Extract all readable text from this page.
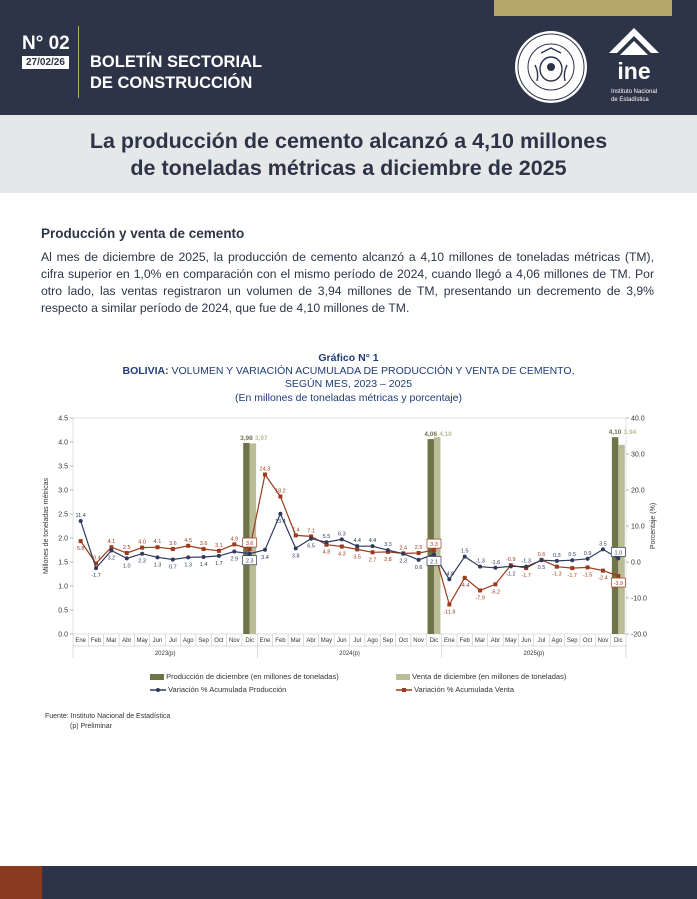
N° 02
27/02/26 BOLETÍN SECTORIAL
DE CONSTRUCCIÓN	ine
Instituto Nacional
de Estadística
La producción de cemento alcanzó a 4,10 millones
de toneladas métricas a diciembre de 2025
Producción y venta de cemento
Al mes de diciembre de 2025, la producción de cemento alcanzó a 4,10 millones de toneladas métricas (TM), cifra superior en 1,0% en comparación con el mismo período de 2024, cuando llegó a 4,06 millones de TM. Por otro lado, las ventas registraron un volumen de 3,94 millones de TM, presentando un decremento de 3,9% respecto a similar período de 2024, que fue de 4,10 millones de TM.
Gráfico N° 1
BOLIVIA: VOLUMEN Y VARIACIÓN ACUMULADA DE PRODUCCIÓN Y VENTA DE CEMENTO,
SEGÚN MES, 2023 – 2025
(En millones de toneladas métricas y porcentaje)
0.0
0.5
1.0
1.5
2.0
2.5
3.0
3.5
4.0
4.5
-20.0
-10.0
0.0
10.0
20.0
30.0
40.0
Millones de toneladas métricas	Porcentaje (%)
3,98 3,97
4,06 4,10	4,10 3,94
5.8
-0.4
4.1
2.5
4.0 4.1 3.6
4.5
3.6 3.1
4.9
3.6
24.3
18.2
7.4 7.1
4.8 4.3 3.5 2.7 2.8
2.4 2.5 3.3
-11.8
-4.4
-7.9
-6.2
-0.9
-1.7
0.6
-1.3 -1.7 -1.5
-2.4
-3.9
11.4
-1.7
3.2
1.0
2.3
1.3 0.7 1.3 1.4 1.7
2.9 2.3
3.4
13.4
3.8
6.5
5.5 6.3
4.4 4.4
3.3
2.3
0.6
2.1
-4.8
1.5
-1.3 -1.6
-1.2
-1.3
0.5
0.3 0.5 0.9
3.5
1.0
Ene Feb Mar Abr May Jun Jul Ago Sep Oct Nov Dic Ene Feb Mar Abr May Jun Jul Ago Sep Oct Nov Dic Ene Feb Mar Abr May Jun Jul Ago Sep Oct Nov Dic
2023(p)	2024(p)	2025(p)
Producción de diciembre (en millones de toneladas)	Venta de diciembre (en millones de toneladas)
Variación % Acumulada Producción	Variación % Acumulada Venta
Fuente: Instituto Nacional de Estadística
(p) Preliminar
